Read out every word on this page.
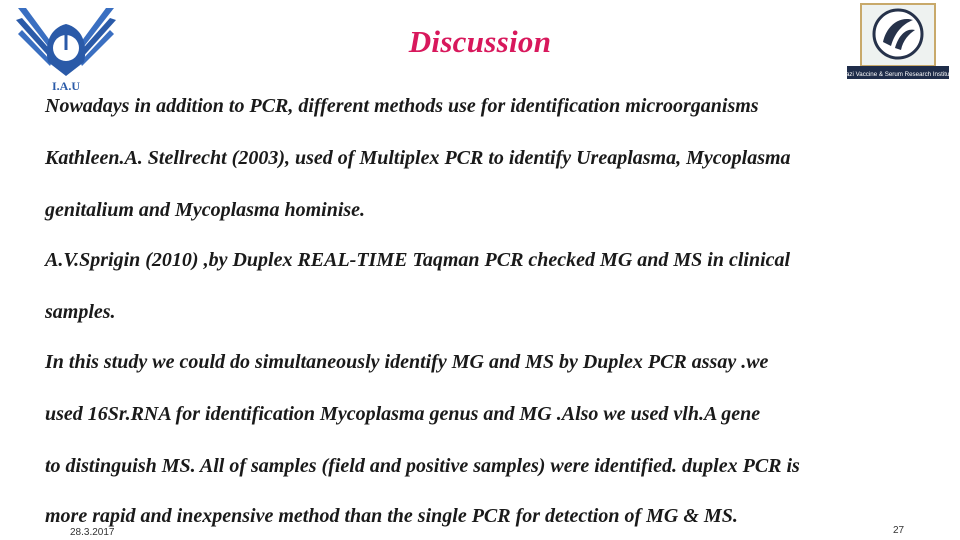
I.A.U
Razi Vaccine & Serum Research Institute
Discussion
Nowadays in addition to PCR, different methods use for identification microorganisms
Kathleen.A. Stellrecht (2003), used of Multiplex PCR to identify Ureaplasma, Mycoplasma
genitalium and Mycoplasma hominise.
A.V.Sprigin (2010) ,by Duplex REAL-TIME Taqman PCR checked MG and MS in clinical
samples.
In this study we could do simultaneously identify MG and MS by Duplex PCR assay .we
used 16Sr.RNA for identification Mycoplasma genus and MG .Also we used vlh.A gene
to distinguish MS. All of samples (field and positive samples) were identified. duplex PCR is
more rapid and inexpensive method than the single PCR for detection of MG & MS.
28.3.2017	27
